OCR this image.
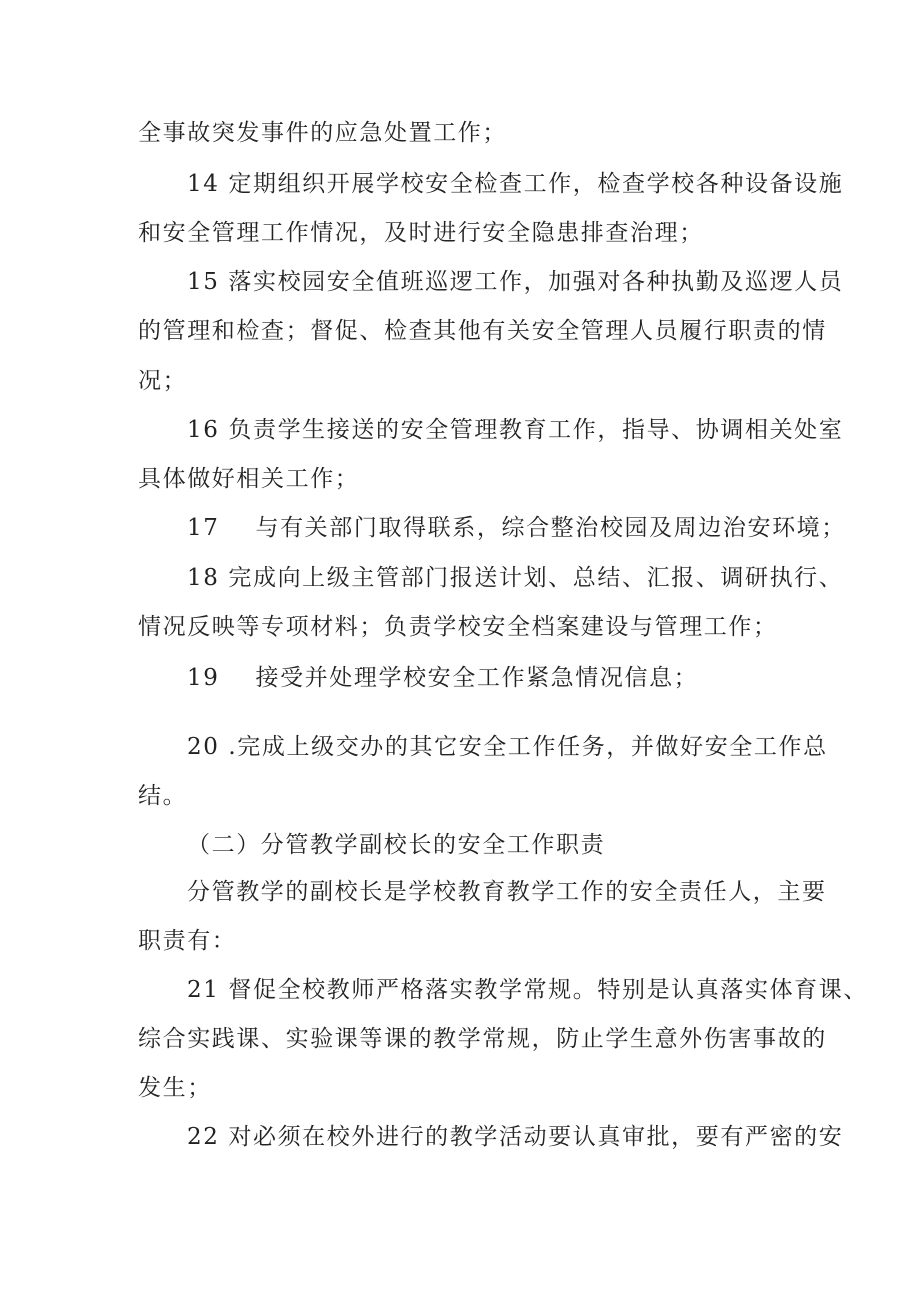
全事故突发事件的应急处置工作；
14 定期组织开展学校安全检查工作，检查学校各种设备设施
和安全管理工作情况，及时进行安全隐患排查治理；
15 落实校园安全值班巡逻工作，加强对各种执勤及巡逻人员
的管理和检查；督促、检查其他有关安全管理人员履行职责的情
况；
16 负责学生接送的安全管理教育工作，指导、协调相关处室
具体做好相关工作；
17 与有关部门取得联系，综合整治校园及周边治安环境；
18 完成向上级主管部门报送计划、总结、汇报、调研执行、
情况反映等专项材料；负责学校安全档案建设与管理工作；
19 接受并处理学校安全工作紧急情况信息；
20 .完成上级交办的其它安全工作任务，并做好安全工作总
结。
（二）分管教学副校长的安全工作职责
分管教学的副校长是学校教育教学工作的安全责任人，主要
职责有：
21 督促全校教师严格落实教学常规。特别是认真落实体育课、
综合实践课、实验课等课的教学常规，防止学生意外伤害事故的
发生；
22 对必须在校外进行的教学活动要认真审批，要有严密的安
